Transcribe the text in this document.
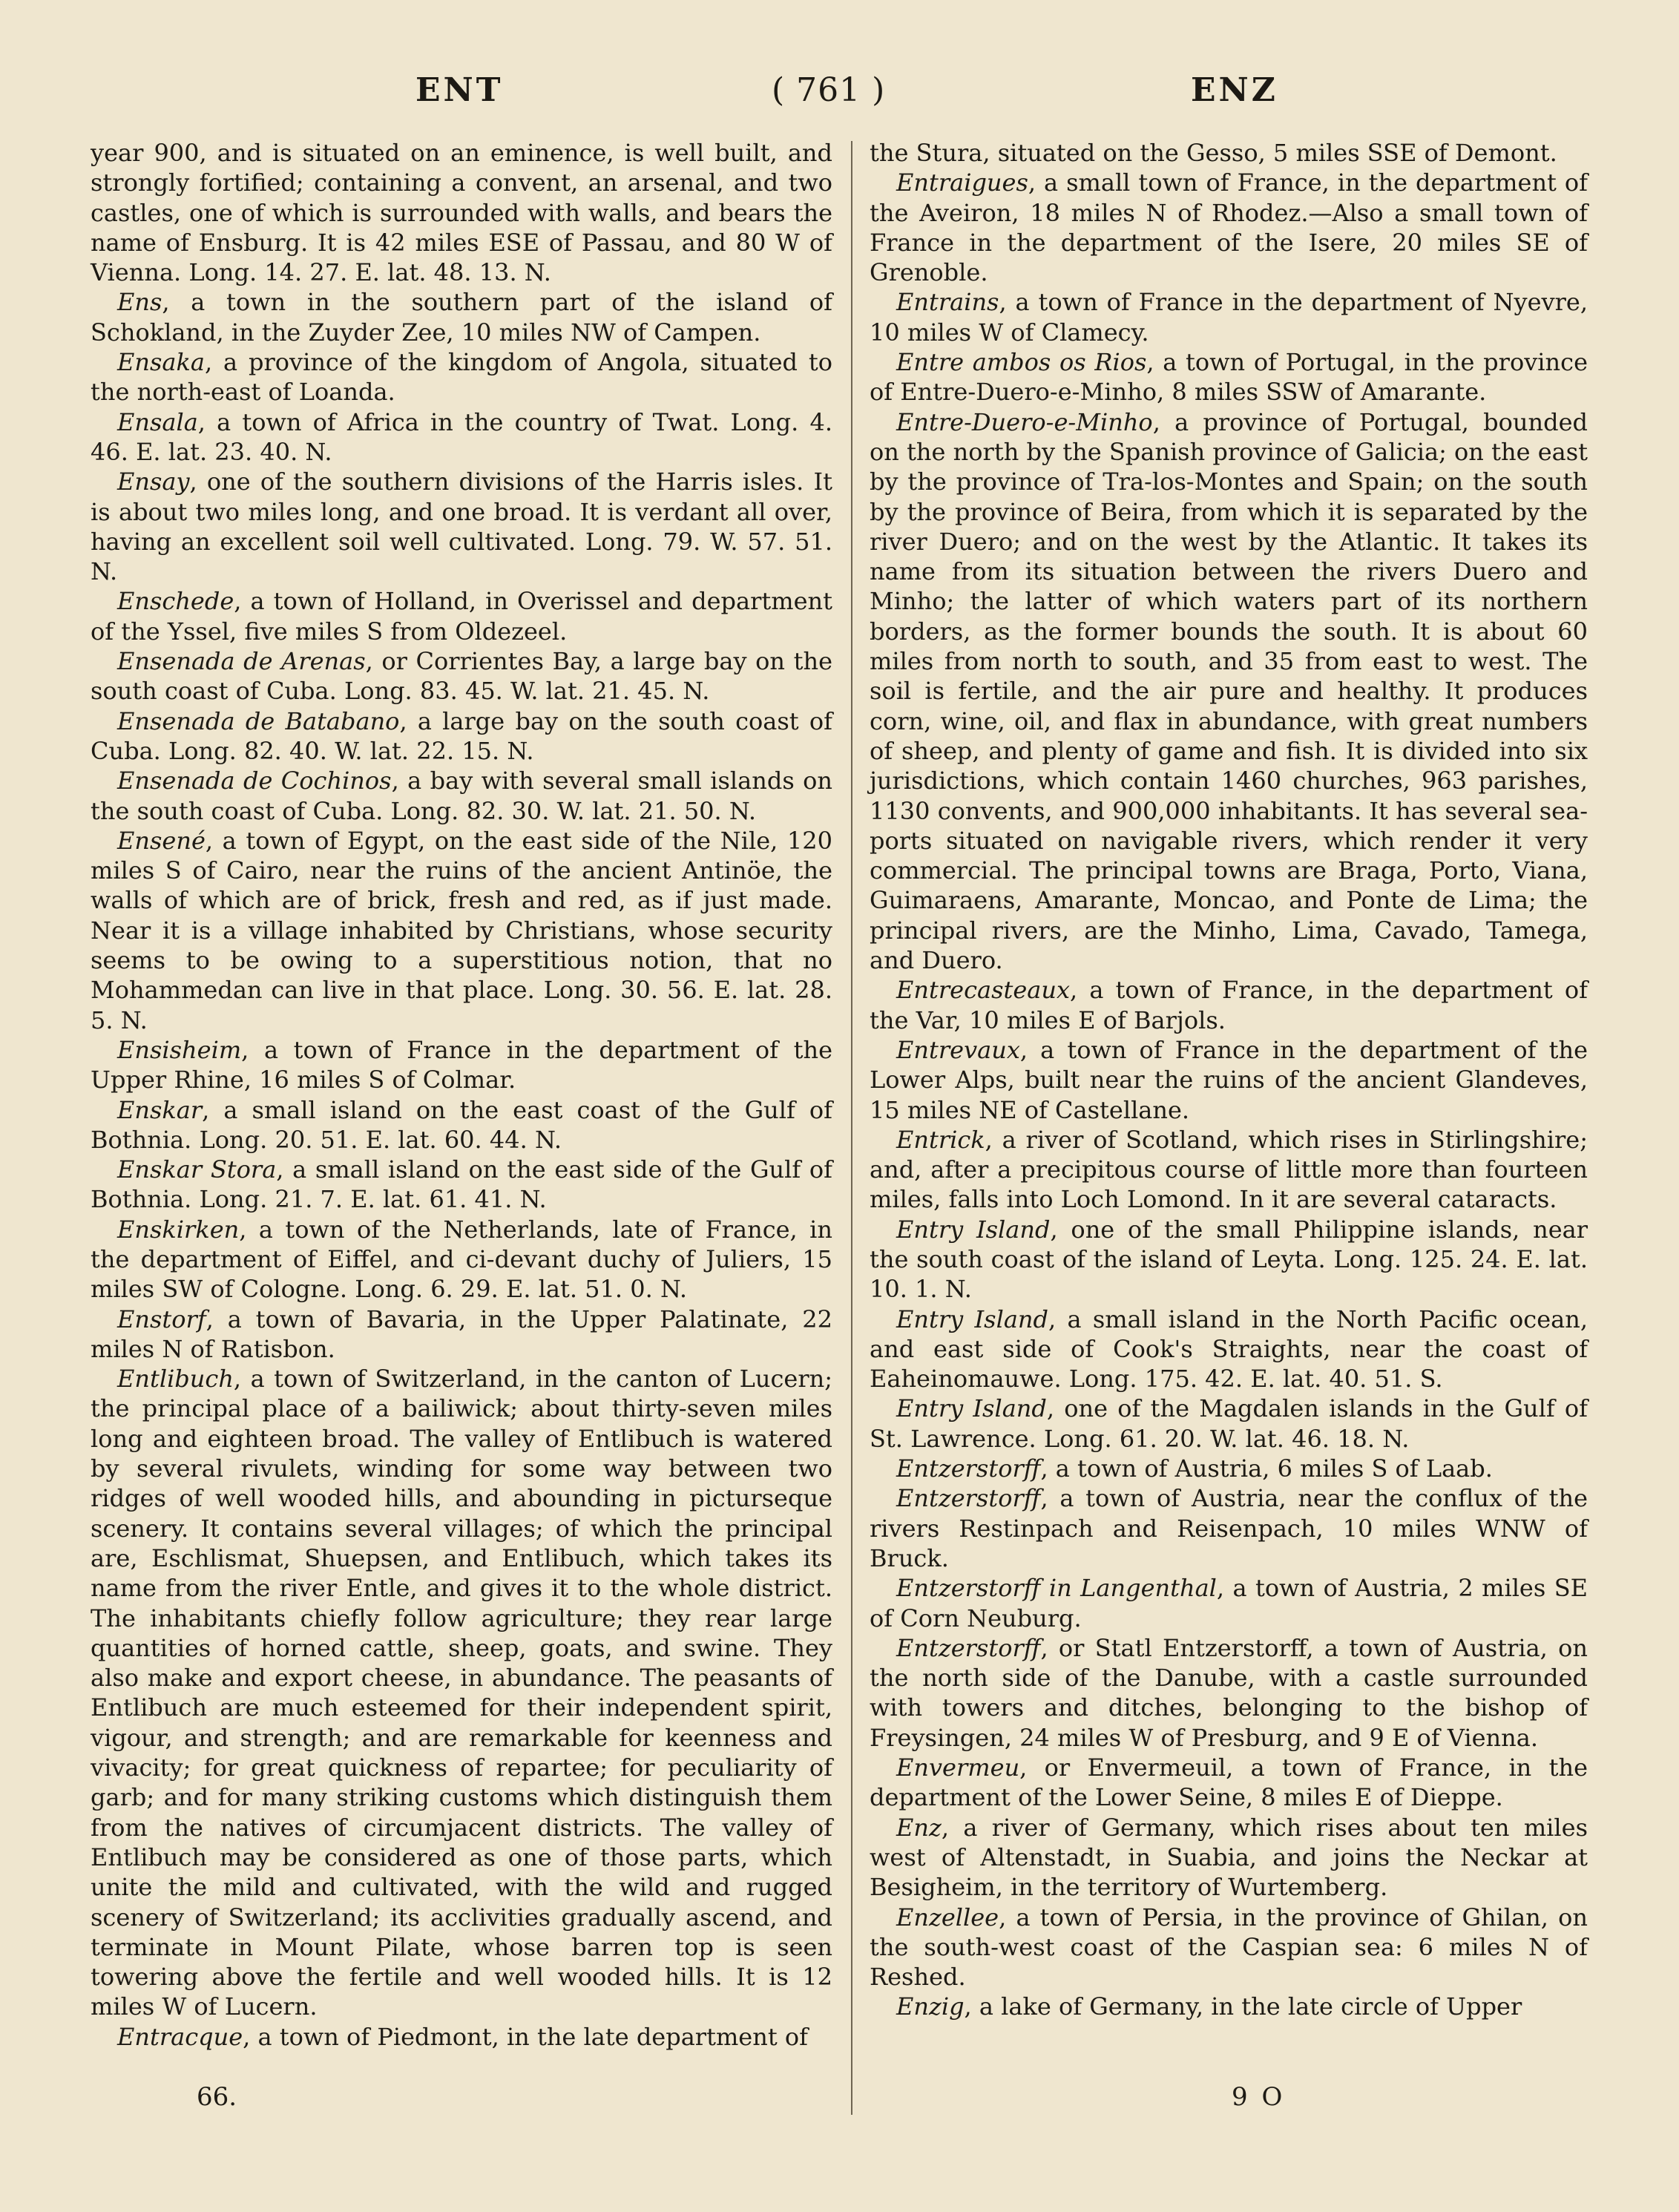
ENT	( 761 )	ENZ

year 900, and is situated on an eminence, is well built, and strongly fortified; containing a convent, an arsenal, and two castles, one of which is surrounded with walls, and bears the name of Ensburg. It is 42 miles ESE of Passau, and 80 W of Vienna. Long. 14. 27. E. lat. 48. 13. N.

Ens, a town in the southern part of the island of Schokland, in the Zuyder Zee, 10 miles NW of Campen.

Ensaka, a province of the kingdom of Angola, situated to the north-east of Loanda.

Ensala, a town of Africa in the country of Twat. Long. 4. 46. E. lat. 23. 40. N.

Ensay, one of the southern divisions of the Harris isles. It is about two miles long, and one broad. It is verdant all over, having an excellent soil well cultivated. Long. 79. W. 57. 51. N.

Enschede, a town of Holland, in Overissel and department of the Yssel, five miles S from Oldezeel.

Ensenada de Arenas, or Corrientes Bay, a large bay on the south coast of Cuba. Long. 83. 45. W. lat. 21. 45. N.

Ensenada de Batabano, a large bay on the south coast of Cuba. Long. 82. 40. W. lat. 22. 15. N.

Ensenada de Cochinos, a bay with several small islands on the south coast of Cuba. Long. 82. 30. W. lat. 21. 50. N.

Ensené, a town of Egypt, on the east side of the Nile, 120 miles S of Cairo, near the ruins of the ancient Antinöe, the walls of which are of brick, fresh and red, as if just made. Near it is a village inhabited by Christians, whose security seems to be owing to a superstitious notion, that no Mohammedan can live in that place. Long. 30. 56. E. lat. 28. 5. N.

Ensisheim, a town of France in the department of the Upper Rhine, 16 miles S of Colmar.

Enskar, a small island on the east coast of the Gulf of Bothnia. Long. 20. 51. E. lat. 60. 44. N.

Enskar Stora, a small island on the east side of the Gulf of Bothnia. Long. 21. 7. E. lat. 61. 41. N.

Enskirken, a town of the Netherlands, late of France, in the department of Eiffel, and ci-devant duchy of Juliers, 15 miles SW of Cologne. Long. 6. 29. E. lat. 51. 0. N.

Enstorf, a town of Bavaria, in the Upper Palatinate, 22 miles N of Ratisbon.

Entlibuch, a town of Switzerland, in the canton of Lucern; the principal place of a bailiwick; about thirty-seven miles long and eighteen broad. The valley of Entlibuch is watered by several rivulets, winding for some way between two ridges of well wooded hills, and abounding in picturseque scenery. It contains several villages; of which the principal are, Eschlismat, Shuepsen, and Entlibuch, which takes its name from the river Entle, and gives it to the whole district. The inhabitants chiefly follow agriculture; they rear large quantities of horned cattle, sheep, goats, and swine. They also make and export cheese, in abundance. The peasants of Entlibuch are much esteemed for their independent spirit, vigour, and strength; and are remarkable for keenness and vivacity; for great quickness of repartee; for peculiarity of garb; and for many striking customs which distinguish them from the natives of circumjacent districts. The valley of Entlibuch may be considered as one of those parts, which unite the mild and cultivated, with the wild and rugged scenery of Switzerland; its acclivities gradually ascend, and terminate in Mount Pilate, whose barren top is seen towering above the fertile and well wooded hills. It is 12 miles W of Lucern.

Entracque, a town of Piedmont, in the late department of

the Stura, situated on the Gesso, 5 miles SSE of Demont.

Entraigues, a small town of France, in the department of the Aveiron, 18 miles N of Rhodez.—Also a small town of France in the department of the Isere, 20 miles SE of Grenoble.

Entrains, a town of France in the department of Nyevre, 10 miles W of Clamecy.

Entre ambos os Rios, a town of Portugal, in the province of Entre-Duero-e-Minho, 8 miles SSW of Amarante.

Entre-Duero-e-Minho, a province of Portugal, bounded on the north by the Spanish province of Galicia; on the east by the province of Tra-los-Montes and Spain; on the south by the province of Beira, from which it is separated by the river Duero; and on the west by the Atlantic. It takes its name from its situation between the rivers Duero and Minho; the latter of which waters part of its northern borders, as the former bounds the south. It is about 60 miles from north to south, and 35 from east to west. The soil is fertile, and the air pure and healthy. It produces corn, wine, oil, and flax in abundance, with great numbers of sheep, and plenty of game and fish. It is divided into six jurisdictions, which contain 1460 churches, 963 parishes, 1130 convents, and 900,000 inhabitants. It has several sea-ports situated on navigable rivers, which render it very commercial. The principal towns are Braga, Porto, Viana, Guimaraens, Amarante, Moncao, and Ponte de Lima; the principal rivers, are the Minho, Lima, Cavado, Tamega, and Duero.

Entrecasteaux, a town of France, in the department of the Var, 10 miles E of Barjols.

Entrevaux, a town of France in the department of the Lower Alps, built near the ruins of the ancient Glandeves, 15 miles NE of Castellane.

Entrick, a river of Scotland, which rises in Stirlingshire; and, after a precipitous course of little more than fourteen miles, falls into Loch Lomond. In it are several cataracts.

Entry Island, one of the small Philippine islands, near the south coast of the island of Leyta. Long. 125. 24. E. lat. 10. 1. N.

Entry Island, a small island in the North Pacific ocean, and east side of Cook's Straights, near the coast of Eaheinomauwe. Long. 175. 42. E. lat. 40. 51. S.

Entry Island, one of the Magdalen islands in the Gulf of St. Lawrence. Long. 61. 20. W. lat. 46. 18. N.

Entzerstorff, a town of Austria, 6 miles S of Laab.

Entzerstorff, a town of Austria, near the conflux of the rivers Restinpach and Reisenpach, 10 miles WNW of Bruck.

Entzerstorff in Langenthal, a town of Austria, 2 miles SE of Corn Neuburg.

Entzerstorff, or Statl Entzerstorff, a town of Austria, on the north side of the Danube, with a castle surrounded with towers and ditches, belonging to the bishop of Freysingen, 24 miles W of Presburg, and 9 E of Vienna.

Envermeu, or Envermeuil, a town of France, in the department of the Lower Seine, 8 miles E of Dieppe.

Enz, a river of Germany, which rises about ten miles west of Altenstadt, in Suabia, and joins the Neckar at Besigheim, in the territory of Wurtemberg.

Enzellee, a town of Persia, in the province of Ghilan, on the south-west coast of the Caspian sea: 6 miles N of Reshed.

Enzig, a lake of Germany, in the late circle of Upper

66.	9 O
